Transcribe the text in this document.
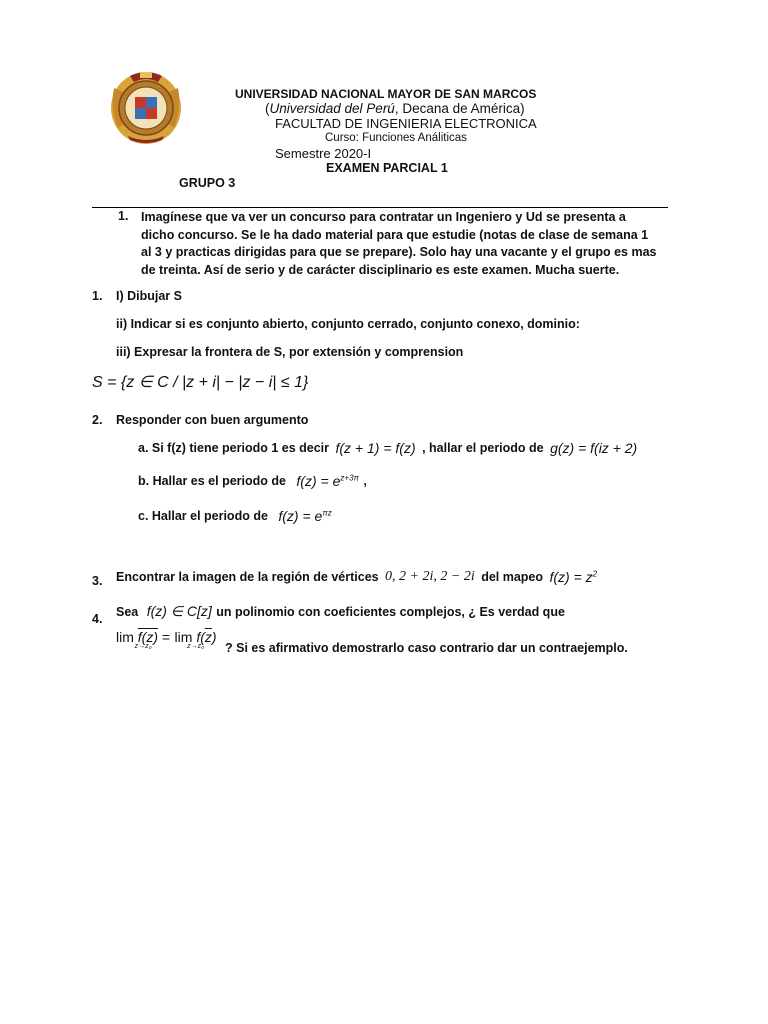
UNIVERSIDAD NACIONAL MAYOR DE SAN MARCOS
(Universidad del Perú, Decana de América)
FACULTAD DE INGENIERIA ELECTRONICA
Curso: Funciones Análiticas
Semestre 2020-I
EXAMEN PARCIAL 1
GRUPO 3
1. Imagínese que va ver un concurso para contratar un Ingeniero y Ud se presenta a dicho concurso. Se le ha dado material para que estudie (notas de clase de semana 1 al 3 y practicas dirigidas para que se prepare). Solo hay una vacante y el grupo es mas de treinta. Así de serio y de carácter disciplinario es este examen. Mucha suerte.
1. I) Dibujar S
ii) Indicar si es conjunto abierto, conjunto cerrado, conjunto conexo, dominio:
iii) Expresar la frontera de S, por extensión y comprension
S = {z ∈ C / |z + i| − |z − i| ≤ 1}
2. Responder con buen argumento
a. Si f(z) tiene periodo 1 es decir f(z + 1) = f(z) , hallar el periodo de g(z) = f(iz + 2)
b. Hallar es el periodo de $f(z) = e^{z+3\pi}$ ,
c. Hallar el periodo de $f(z) = e^{\pi z}$
3. Encontrar la imagen de la región de vértices 0, 2 + 2i, 2 − 2i del mapeo $f(z) = z^2$
4.
Sea f(z) ∈ C[z] un polinomio con coeficientes complejos, ¿ Es verdad que
lim f(z) =
z→z₀

$\lim f(\overline{z})$
z→z₀	? Si es afirmativo demostrarlo caso contrario dar un contraejemplo.
